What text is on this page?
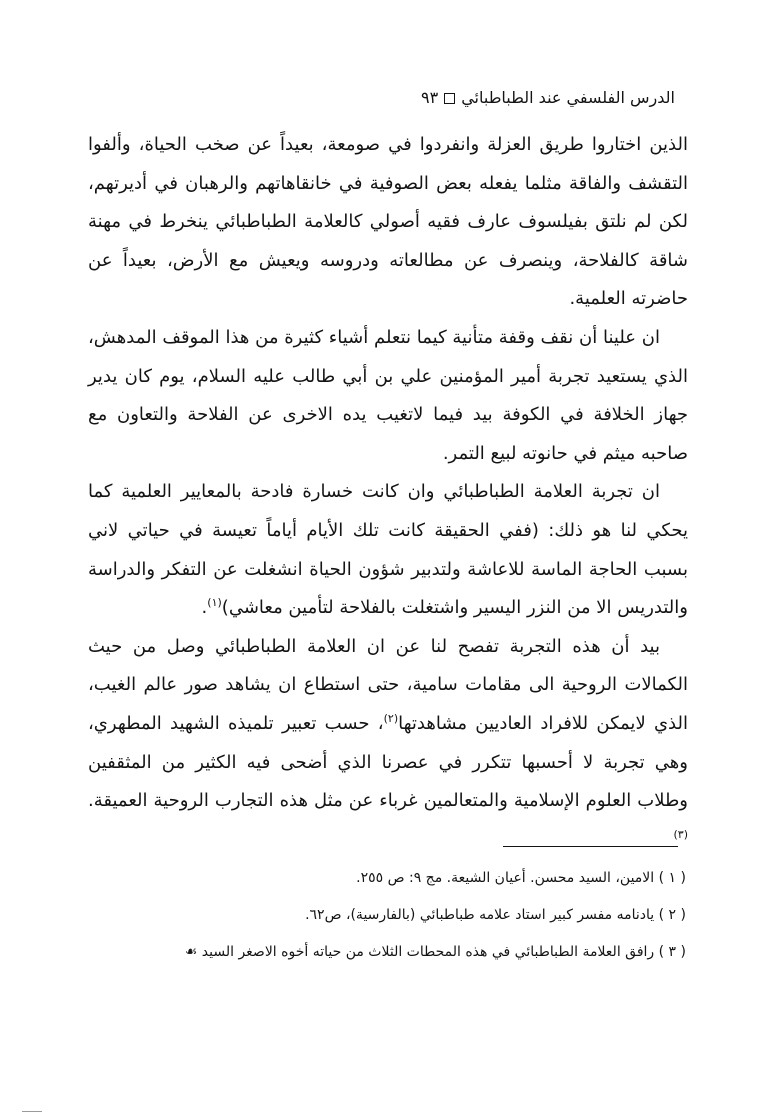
الدرس الفلسفي عند الطباطبائي
٩٣

الذين اختاروا طريق العزلة وانفردوا في صومعة، بعيداً عن صخب الحياة، وألفوا التقشف والفاقة مثلما يفعله بعض الصوفية في خانقاهاتهم والرهبان في أديرتهم، لكن لم نلتق بفيلسوف عارف فقيه أصولي كالعلامة الطباطبائي ينخرط في مهنة شاقة كالفلاحة، وينصرف عن مطالعاته ودروسه ويعيش مع الأرض، بعيداً عن حاضرته العلمية.

ان علينا أن نقف وقفة متأنية كيما نتعلم أشياء كثيرة من هذا الموقف المدهش، الذي يستعيد تجربة أمير المؤمنين علي بن أبي طالب عليه السلام، يوم كان يدير جهاز الخلافة في الكوفة بيد فيما لاتغيب يده الاخرى عن الفلاحة والتعاون مع صاحبه ميثم في حانوته لبيع التمر.

ان تجربة العلامة الطباطبائي وان كانت خسارة فادحة بالمعايير العلمية كما يحكي لنا هو ذلك: (ففي الحقيقة كانت تلك الأيام أياماً تعيسة في حياتي لاني بسبب الحاجة الماسة للاعاشة ولتدبير شؤون الحياة انشغلت عن التفكر والدراسة والتدريس الا من النزر اليسير واشتغلت بالفلاحة لتأمين معاشي)$^{(١)}$.

بيد أن هذه التجربة تفصح لنا عن ان العلامة الطباطبائي وصل من حيث الكمالات الروحية الى مقامات سامية، حتى استطاع ان يشاهد صور عالم الغيب، الذي لايمكن للافراد العاديين مشاهدتها$^{(٢)}$، حسب تعبير تلميذه الشهيد المطهري، وهي تجربة لا أحسبها تتكرر في عصرنا الذي أضحى فيه الكثير من المثقفين وطلاب العلوم الإسلامية والمتعالمين غرباء عن مثل هذه التجارب الروحية العميقة.$^{(٣)}$

( ١ ) الامين، السيد محسن. أعيان الشيعة. مج ٩: ص ٢٥٥.
( ٢ ) يادنامه مفسر كبير استاد علامه طباطبائي (بالفارسية)، ص٦٢.
( ٣ ) رافق العلامة الطباطبائي في هذه المحطات الثلاث من حياته أخوه الاصغر السيد ☙
